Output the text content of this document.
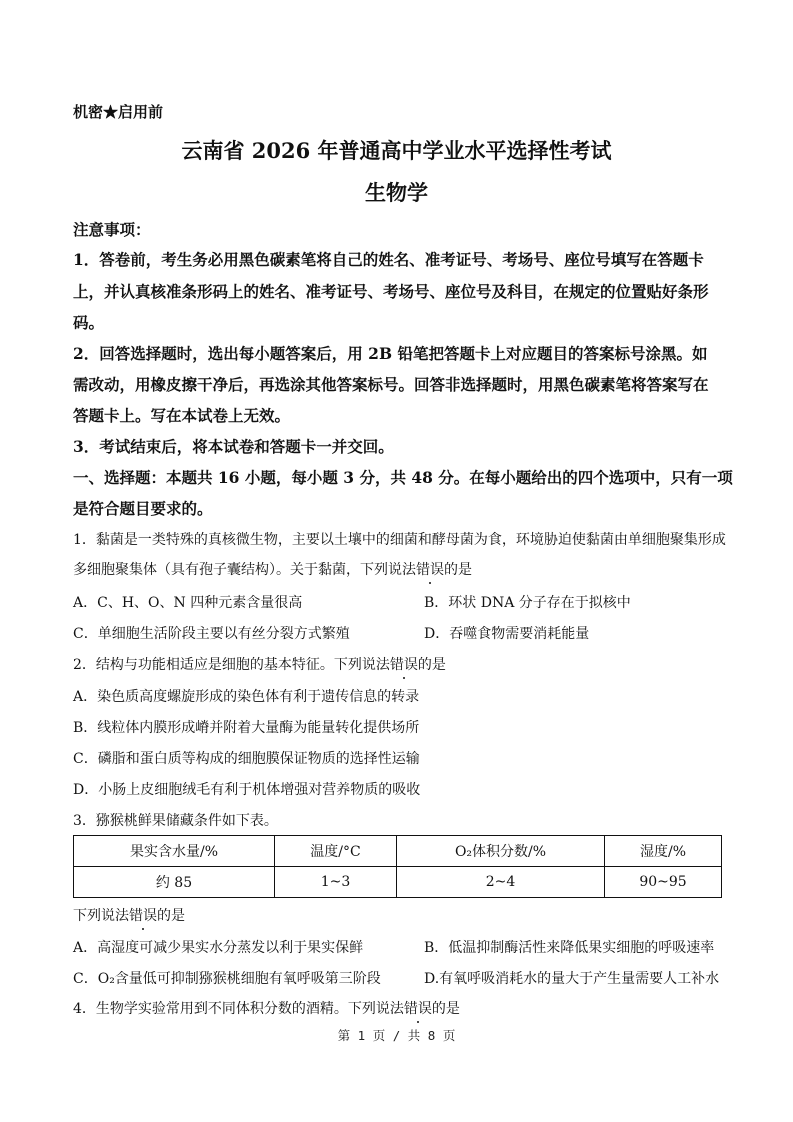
机密★启用前
云南省 2026 年普通高中学业水平选择性考试
生物学
注意事项：
1．答卷前，考生务必用黑色碳素笔将自己的姓名、准考证号、考场号、座位号填写在答题卡
上，并认真核准条形码上的姓名、准考证号、考场号、座位号及科目，在规定的位置贴好条形
码。
2．回答选择题时，选出每小题答案后，用 2B 铅笔把答题卡上对应题目的答案标号涂黑。如
需改动，用橡皮擦干净后，再选涂其他答案标号。回答非选择题时，用黑色碳素笔将答案写在
答题卡上。写在本试卷上无效。
3．考试结束后，将本试卷和答题卡一并交回。
一、选择题：本题共 16 小题，每小题 3 分，共 48 分。在每小题给出的四个选项中，只有一项
是符合题目要求的。
1．黏菌是一类特殊的真核微生物，主要以土壤中的细菌和酵母菌为食，环境胁迫使黏菌由单细胞聚集形成
多细胞聚集体（具有孢子囊结构）。关于黏菌，下列说法错误的是
A．C、H、O、N 四种元素含量很高	B．环状 DNA 分子存在于拟核中
C．单细胞生活阶段主要以有丝分裂方式繁殖	D．吞噬食物需要消耗能量
2．结构与功能相适应是细胞的基本特征。下列说法错误的是
A．染色质高度螺旋形成的染色体有利于遗传信息的转录
B．线粒体内膜形成嵴并附着大量酶为能量转化提供场所
C．磷脂和蛋白质等构成的细胞膜保证物质的选择性运输
D．小肠上皮细胞绒毛有利于机体增强对营养物质的吸收
3．猕猴桃鲜果储藏条件如下表。
果实含水量/%	温度/°C	O₂体积分数/%	湿度/%
约 85	1~3	2~4	90~95
下列说法错误的是
A．高湿度可减少果实水分蒸发以利于果实保鲜	B．低温抑制酶活性来降低果实细胞的呼吸速率
C．O₂含量低可抑制猕猴桃细胞有氧呼吸第三阶段	D.有氧呼吸消耗水的量大于产生量需要人工补水
4．生物学实验常用到不同体积分数的酒精。下列说法错误的是
第 1 页 / 共 8 页
